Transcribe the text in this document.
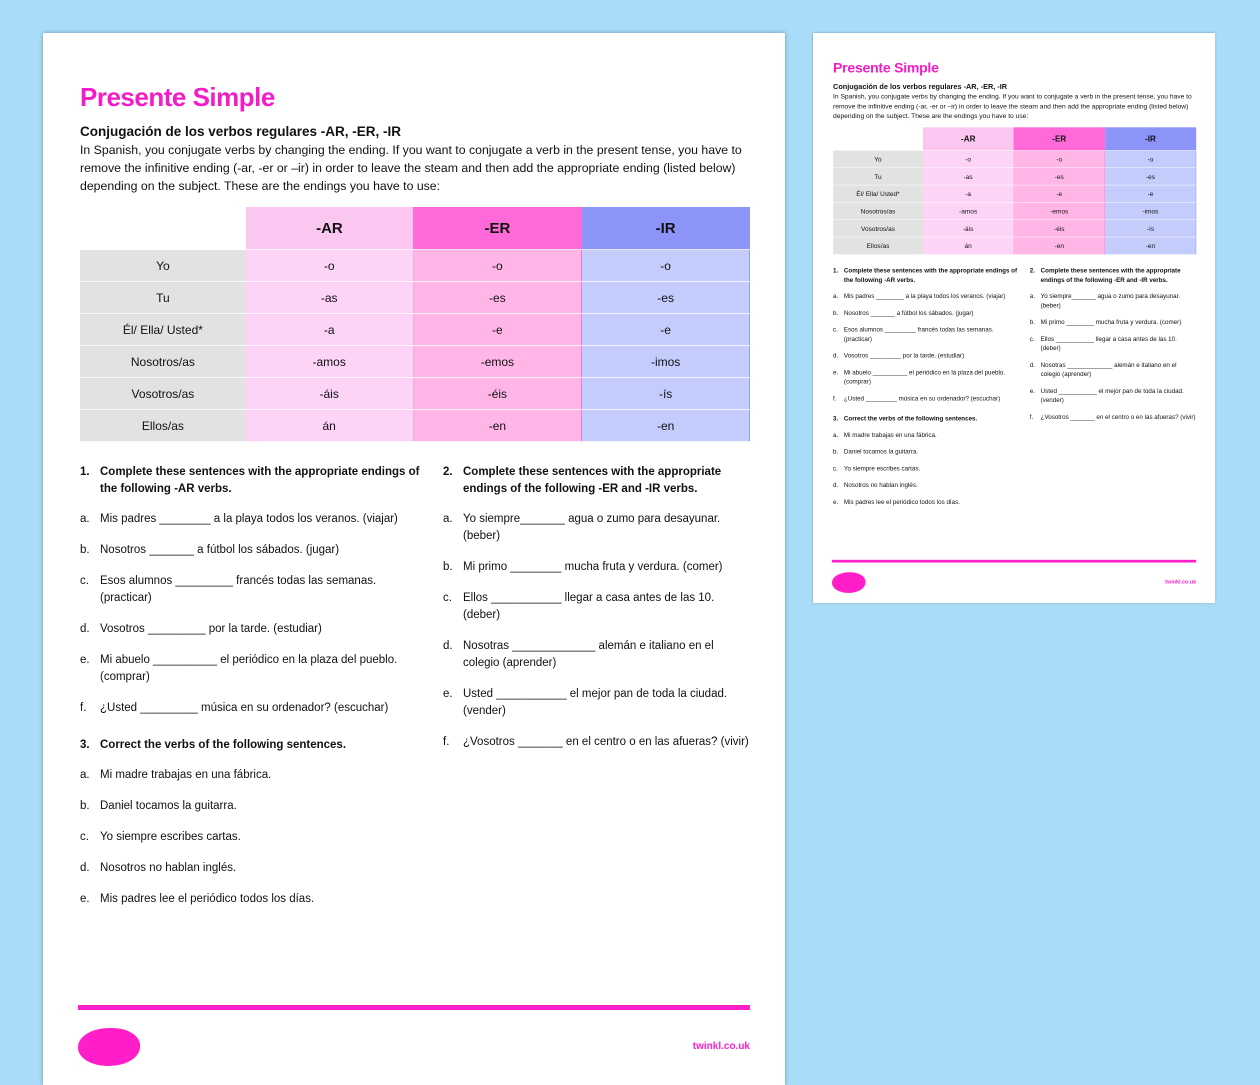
Presente Simple
Conjugación de los verbos regulares -AR, -ER, -IR
In Spanish, you conjugate verbs by changing the ending. If you want to conjugate a verb in the present tense, you have to remove the infinitive ending (-ar, -er or –ir) in order to leave the steam and then add the appropriate ending (listed below) depending on the subject. These are the endings you have to use:
	-AR	-ER	-IR
Yo	-o	-o	-o
Tu	-as	-es	-es
Él/ Ella/ Usted*	-a	-e	-e
Nosotros/as	-amos	-emos	-imos
Vosotros/as	-áis	-éis	-ís
Ellos/as	án	-en	-en
1. Complete these sentences with the appropriate endings of the following -AR verbs.
a. Mis padres ________ a la playa todos los veranos. (viajar)
b. Nosotros _______ a fútbol los sábados. (jugar)
c. Esos alumnos _________ francés todas las semanas. (practicar)
d. Vosotros _________ por la tarde. (estudiar)
e. Mi abuelo __________ el periódico en la plaza del pueblo. (comprar)
f.	¿Usted _________ música en su ordenador? (escuchar)
3. Correct the verbs of the following sentences.
a. Mi madre trabajas en una fábrica.
b. Daniel tocamos la guitarra.
c. Yo siempre escribes cartas.
d. Nosotros no hablan inglés.
e. Mis padres lee el periódico todos los días.
2. Complete these sentences with the appropriate endings of the following -ER and -IR verbs.
a. Yo siempre_______ agua o zumo para desayunar. (beber)
b. Mi primo ________ mucha fruta y verdura. (comer)
c. Ellos ___________ llegar a casa antes de las 10. (deber)
d. Nosotras _____________ alemán e italiano en el colegio (aprender)
e. Usted ___________ el mejor pan de toda la ciudad. (vender)
f.	¿Vosotros _______ en el centro o en las afueras? (vivir)
twinkl.co.uk
Presente Simple
Conjugación de los verbos regulares -AR, -ER, -IR
In Spanish, you conjugate verbs by changing the ending. If you want to conjugate a verb in the present tense, you have to remove the infinitive ending (-ar, -er or –ir) in order to leave the steam and then add the appropriate ending (listed below) depending on the subject. These are the endings you have to use:
	-AR	-ER	-IR
Yo	-o	-o	-o
Tu	-as	-es	-es
Él/ Ella/ Usted*	-a	-e	-e
Nosotros/as	-amos	-emos	-imos
Vosotros/as	-áis	-éis	-ís
Ellos/as	án	-en	-en
1. Complete these sentences with the appropriate endings of the following -AR verbs.
a. Mis padres ________ a la playa todos los veranos. (viajar)
b. Nosotros _______ a fútbol los sábados. (jugar)
c. Esos alumnos _________ francés todas las semanas. (practicar)
d. Vosotros _________ por la tarde. (estudiar)
e. Mi abuelo __________ el periódico en la plaza del pueblo. (comprar)
f. ¿Usted _________ música en su ordenador? (escuchar)
3. Correct the verbs of the following sentences.
a. Mi madre trabajas en una fábrica.
b. Daniel tocamos la guitarra.
c. Yo siempre escribes cartas.
d. Nosotros no hablan inglés.
e. Mis padres lee el periódico todos los días.
2. Complete these sentences with the appropriate endings of the following -ER and -IR verbs.
a. Yo siempre_______ agua o zumo para desayunar. (beber)
b. Mi primo ________ mucha fruta y verdura. (comer)
c. Ellos ___________ llegar a casa antes de las 10. (deber)
d. Nosotras _____________ alemán e italiano en el colegio (aprender)
e. Usted ___________ el mejor pan de toda la ciudad. (vender)
f. ¿Vosotros _______ en el centro o en las afueras? (vivir)
twinkl.co.uk
